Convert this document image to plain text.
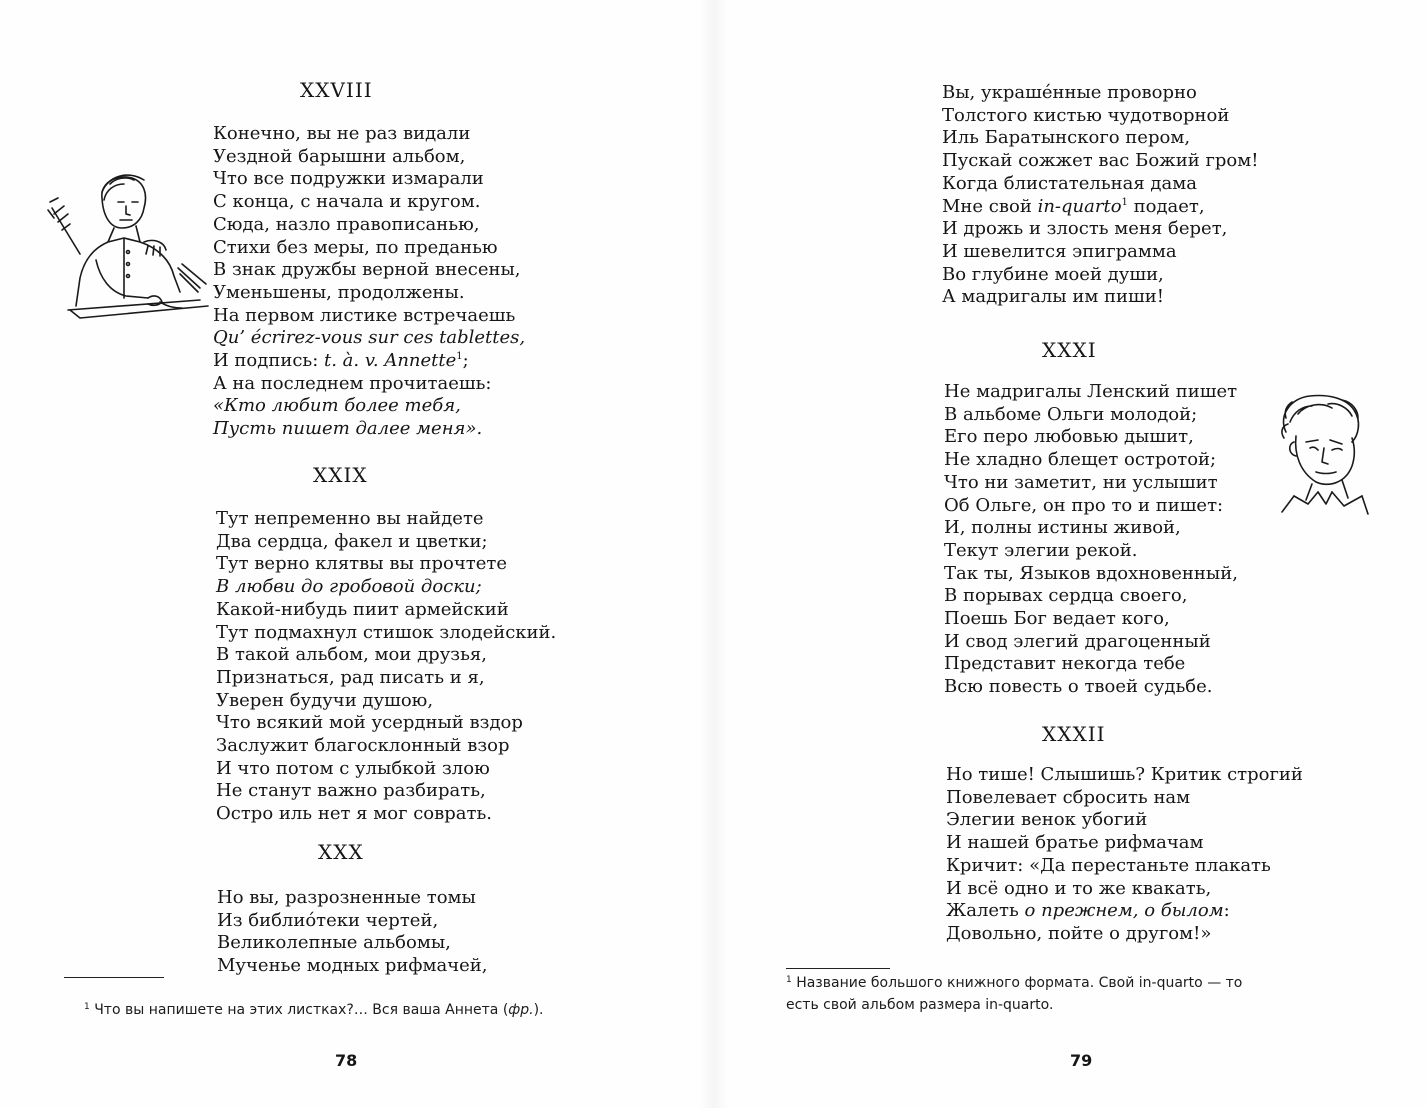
XXVIII
Конечно, вы не раз видали
Уездной барышни альбом,
Что все подружки измарали
С конца, с начала и кругом.
Сюда, назло правописанью,
Стихи без меры, по преданью
В знак дружбы верной внесены,
Уменьшены, продолжены.
На первом листике встречаешь
Qu’ écrirez-vous sur ces tablettes,
И подпись: t. à. v. Annette$^1$;
А на последнем прочитаешь:
«Кто любит более тебя,
Пусть пишет далее меня».
XXIX
Тут непременно вы найдете
Два сердца, факел и цветки;
Тут верно клятвы вы прочтете
В любви до гробовой доски;
Какой-нибудь пиит армейский
Тут подмахнул стишок злодейский.
В такой альбом, мои друзья,
Признаться, рад писать и я,
Уверен будучи душою,
Что всякий мой усердный вздор
Заслужит благосклонный взор
И что потом с улыбкой злою
Не станут важно разбирать,
Остро иль нет я мог соврать.
XXX
Но вы, разрозненные томы
Из библио́теки чертей,
Великолепные альбомы,
Мученье модных рифмачей,
$^1$ Что вы напишете на этих листках?… Вся ваша Аннета (фр.).
78
Вы, украше́нные проворно
Толстого кистью чудотворной
Иль Баратынского пером,
Пускай сожжет вас Божий гром!
Когда блистательная дама
Мне свой in-quarto$^1$ подает,
И дрожь и злость меня берет,
И шевелится эпиграмма
Во глубине моей души,
А мадригалы им пиши!
XXXI
Не мадригалы Ленский пишет
В альбоме Ольги молодой;
Его перо любовью дышит,
Не хладно блещет остротой;
Что ни заметит, ни услышит
Об Ольге, он про то и пишет:
И, полны истины живой,
Текут элегии рекой.
Так ты, Языков вдохновенный,
В порывах сердца своего,
Поешь Бог ведает кого,
И свод элегий драгоценный
Представит некогда тебе
Всю повесть о твоей судьбе.
XXXII
Но тише! Слышишь? Критик строгий
Повелевает сбросить нам
Элегии венок убогий
И нашей братье рифмачам
Кричит: «Да перестаньте плакать
И всё одно и то же квакать,
Жалеть о прежнем, о былом:
Довольно, пойте о другом!»
$^1$ Название большого книжного формата. Свой in-quarto — то
есть свой альбом размера in-quarto.
79
